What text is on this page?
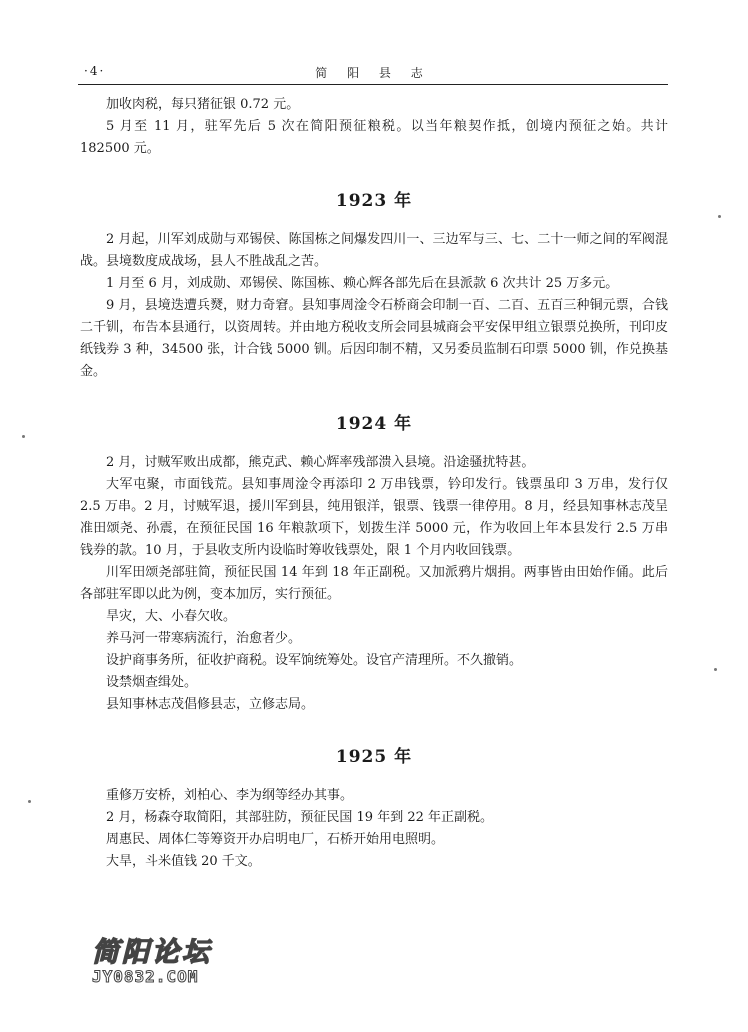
·4·	简 阳 县 志

加收肉税，每只猪征银 0.72 元。

5 月至 11 月，驻军先后 5 次在简阳预征粮税。以当年粮契作抵，创境内预征之始。共计 182500 元。

1923 年

2 月起，川军刘成勋与邓锡侯、陈国栋之间爆发四川一、三边军与三、七、二十一师之间的军阀混战。县境数度成战场，县人不胜战乱之苦。

1 月至 6 月，刘成勋、邓锡侯、陈国栋、赖心辉各部先后在县派款 6 次共计 25 万多元。

9 月，县境迭遭兵燹，财力奇窘。县知事周淦令石桥商会印制一百、二百、五百三种铜元票，合钱二千钏，布告本县通行，以资周转。并由地方税收支所会同县城商会平安保甲组立银票兑换所，刊印皮纸钱券 3 种，34500 张，计合钱 5000 钏。后因印制不精，又另委员监制石印票 5000 钏，作兑换基金。

1924 年

2 月，讨贼军败出成都，熊克武、赖心辉率残部溃入县境。沿途骚扰特甚。

大军屯聚，市面钱荒。县知事周淦令再添印 2 万串钱票，钤印发行。钱票虽印 3 万串，发行仅 2.5 万串。2 月，讨贼军退，援川军到县，纯用银洋，银票、钱票一律停用。8 月，经县知事林志茂呈准田颂尧、孙震，在预征民国 16 年粮款项下，划拨生洋 5000 元，作为收回上年本县发行 2.5 万串钱券的款。10 月，于县收支所内设临时筹收钱票处，限 1 个月内收回钱票。

川军田颂尧部驻简，预征民国 14 年到 18 年正副税。又加派鸦片烟捐。两事皆由田始作俑。此后各部驻军即以此为例，变本加厉，实行预征。

旱灾，大、小春欠收。

养马河一带寒病流行，治愈者少。

设护商事务所，征收护商税。设军饷统筹处。设官产清理所。不久撤销。

设禁烟查缉处。

县知事林志茂倡修县志，立修志局。

1925 年

重修万安桥，刘柏心、李为纲等经办其事。

2 月，杨森夺取简阳，其部驻防，预征民国 19 年到 22 年正副税。

周惠民、周体仁等筹资开办启明电厂，石桥开始用电照明。

大旱，斗米值钱 20 千文。

简阳论坛
JY0832.COM
